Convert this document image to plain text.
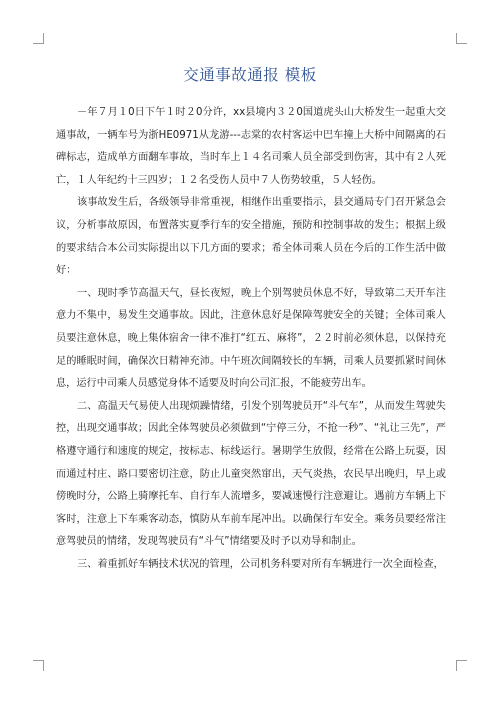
交通事故通报 模板

－年７月１0日下午１时２0分许，xx县境内３２0国道虎头山大桥发生一起重大交通事故，一辆车号为浙HE0971从龙游---志棠的农村客运中巴车撞上大桥中间隔离的石碑标志，造成单方面翻车事故，当时车上１４名司乘人员全部受到伤害，其中有２人死亡，１人年纪约十三四岁；１２名受伤人员中７人伤势较重，５人轻伤。

该事故发生后，各级领导非常重视，相继作出重要指示，县交通局专门召开紧急会议，分析事故原因，布置落实夏季行车的安全措施，预防和控制事故的发生；根据上级的要求结合本公司实际提出以下几方面的要求；希全体司乘人员在今后的工作生活中做好：

一、现时季节高温天气，昼长夜短，晚上个别驾驶员休息不好，导致第二天开车注意力不集中，易发生交通事故。因此，注意休息好是保障驾驶安全的关键；全体司乘人员要注意休息，晚上集体宿舍一律不准打“红五、麻将”，２２时前必须休息，以保持充足的睡眠时间，确保次日精神充沛。中午班次间隔较长的车辆，司乘人员要抓紧时间休息，运行中司乘人员感觉身体不适要及时向公司汇报，不能疲劳出车。

二、高温天气易使人出现烦躁情绪，引发个别驾驶员开“斗气车”，从而发生驾驶失控，出现交通事故；因此全体驾驶员必须做到“宁停三分，不抢一秒”、“礼让三先”，严格遵守通行和速度的规定，按标志、标线运行。暑期学生放假，经常在公路上玩耍，因而通过村庄、路口要密切注意，防止儿童突然窜出，天气炎热，农民早出晚归，早上或傍晚时分，公路上骑摩托车、自行车人流增多，要减速慢行注意避让。遇前方车辆上下客时，注意上下车乘客动态，慎防从车前车尾冲出。以确保行车安全。乘务员要经常注意驾驶员的情绪，发现驾驶员有“斗气”情绪要及时予以劝导和制止。

三、着重抓好车辆技术状况的管理，公司机务科要对所有车辆进行一次全面检查，
